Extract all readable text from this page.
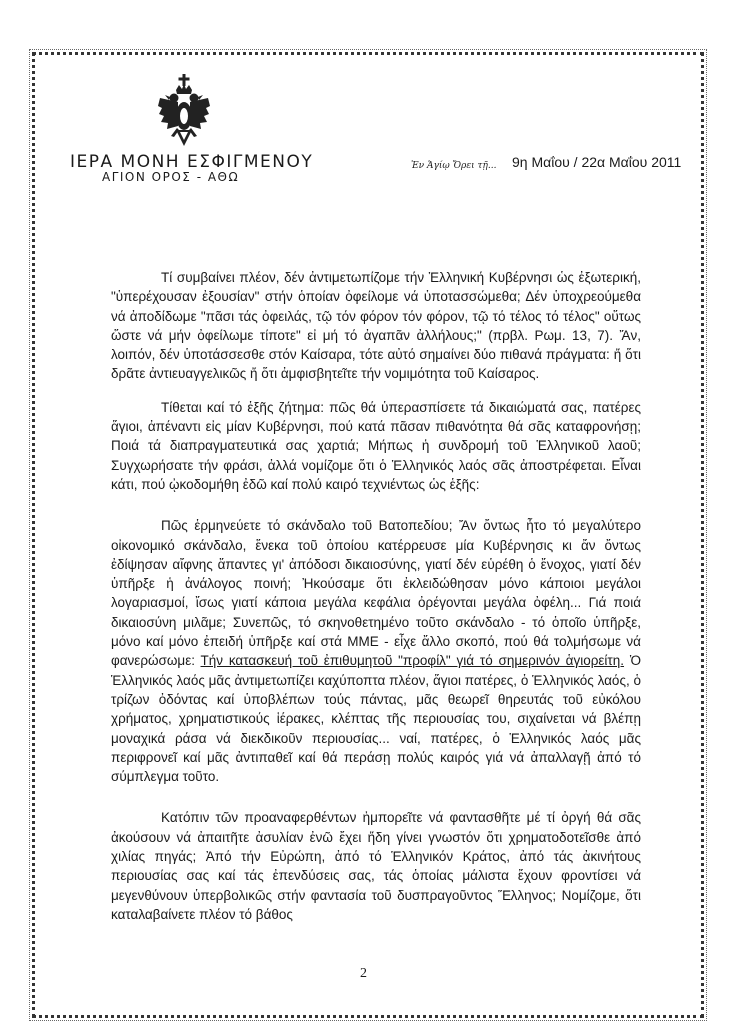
ΙΕΡΑ ΜΟΝΗ ΕΣΦΙΓΜΕΝΟΥ
ΑΓΙΟΝ ΟΡΟΣ - ΑΘΩ
Ἐν Ἁγίῳ Ὄρει τῇ... 9η Μαΐου / 22α Μαΐου 2011

Τί συμβαίνει πλέον, δέν ἀντιμετωπίζομε τήν Ἑλληνική Κυβέρνησι ὡς ἐξωτερική, "ὑπερέχουσαν ἐξουσίαν" στήν ὁποίαν ὀφείλομε νά ὑποτασσώμεθα; Δέν ὑποχρεούμεθα νά ἀποδίδωμε "πᾶσι τάς ὀφειλάς, τῷ τόν φόρον τόν φόρον, τῷ τό τέλος τό τέλος" οὕτως ὥστε νά μήν ὀφείλωμε τίποτε" εἰ μή τό ἀγαπᾶν ἀλλήλους;" (πρβλ. Ρωμ. 13, 7). Ἄν, λοιπόν, δέν ὑποτάσσεσθε στόν Καίσαρα, τότε αὐτό σημαίνει δύο πιθανά πράγματα: ἤ ὅτι δρᾶτε ἀντιευαγγελικῶς ἤ ὅτι ἀμφισβητεῖτε τήν νομιμότητα τοῦ Καίσαρος.

Τίθεται καί τό ἑξῆς ζήτημα: πῶς θά ὑπερασπίσετε τά δικαιώματά σας, πατέρες ἅγιοι, ἀπέναντι εἰς μίαν Κυβέρνησι, πού κατά πᾶσαν πιθανότητα θά σᾶς καταφρονήσῃ; Ποιά τά διαπραγματευτικά σας χαρτιά; Μήπως ἡ συνδρομή τοῦ Ἑλληνικοῦ λαοῦ; Συγχωρήσατε τήν φράσι, ἀλλά νομίζομε ὅτι ὁ Ἑλληνικός λαός σᾶς ἀποστρέφεται. Εἶναι κάτι, πού ᾠκοδομήθη ἐδῶ καί πολύ καιρό τεχνιέντως ὡς ἑξῆς:

Πῶς ἑρμηνεύετε τό σκάνδαλο τοῦ Βατοπεδίου; Ἄν ὄντως ἦτο τό μεγαλύτερο οἰκονομικό σκάνδαλο, ἕνεκα τοῦ ὁποίου κατέρρευσε μία Κυβέρνησις κι ἄν ὄντως ἐδίψησαν αἴφνης ἅπαντες γι' ἀπόδοσι δικαιοσύνης, γιατί δέν εὑρέθη ὁ ἔνοχος, γιατί δέν ὑπῆρξε ἡ ἀνάλογος ποινή; Ἠκούσαμε ὅτι ἐκλειδώθησαν μόνο κάποιοι μεγάλοι λογαριασμοί, ἴσως γιατί κάποια μεγάλα κεφάλια ὀρέγονται μεγάλα ὀφέλη... Γιά ποιά δικαιοσύνη μιλᾶμε; Συνεπῶς, τό σκηνοθετημένο τοῦτο σκάνδαλο - τό ὁποῖο ὑπῆρξε, μόνο καί μόνο ἐπειδή ὑπῆρξε καί στά ΜΜΕ - εἶχε ἄλλο σκοπό, πού θά τολμήσωμε νά φανερώσωμε: Τήν κατασκευή τοῦ ἐπιθυμητοῦ "προφίλ" γιά τό σημερινόν ἁγιορείτη. Ὁ Ἑλληνικός λαός μᾶς ἀντιμετωπίζει καχύποπτα πλέον, ἅγιοι πατέρες, ὁ Ἑλληνικός λαός, ὁ τρίζων ὀδόντας καί ὑποβλέπων τούς πάντας, μᾶς θεωρεῖ θηρευτάς τοῦ εὐκόλου χρήματος, χρηματιστικούς ἱέρακες, κλέπτας τῆς περιουσίας του, σιχαίνεται νά βλέπῃ μοναχικά ράσα νά διεκδικοῦν περιουσίας... ναί, πατέρες, ὁ Ἑλληνικός λαός μᾶς περιφρονεῖ καί μᾶς ἀντιπαθεῖ καί θά περάσῃ πολύς καιρός γιά νά ἀπαλλαγῇ ἀπό τό σύμπλεγμα τοῦτο.

Κατόπιν τῶν προαναφερθέντων ἠμπορεῖτε νά φαντασθῆτε μέ τί ὀργή θά σᾶς ἀκούσουν νά ἀπαιτῆτε ἀσυλίαν ἐνῶ ἔχει ἤδη γίνει γνωστόν ὅτι χρηματοδοτεῖσθε ἀπό χιλίας πηγάς; Ἀπό τήν Εὐρώπη, ἀπό τό Ἑλληνικόν Κράτος, ἀπό τάς ἀκινήτους περιουσίας σας καί τάς ἐπενδύσεις σας, τάς ὁποίας μάλιστα ἔχουν φροντίσει νά μεγενθύνουν ὑπερβολικῶς στήν φαντασία τοῦ δυσπραγοῦντος Ἕλληνος; Νομίζομε, ὅτι καταλαβαίνετε πλέον τό βάθος

2
